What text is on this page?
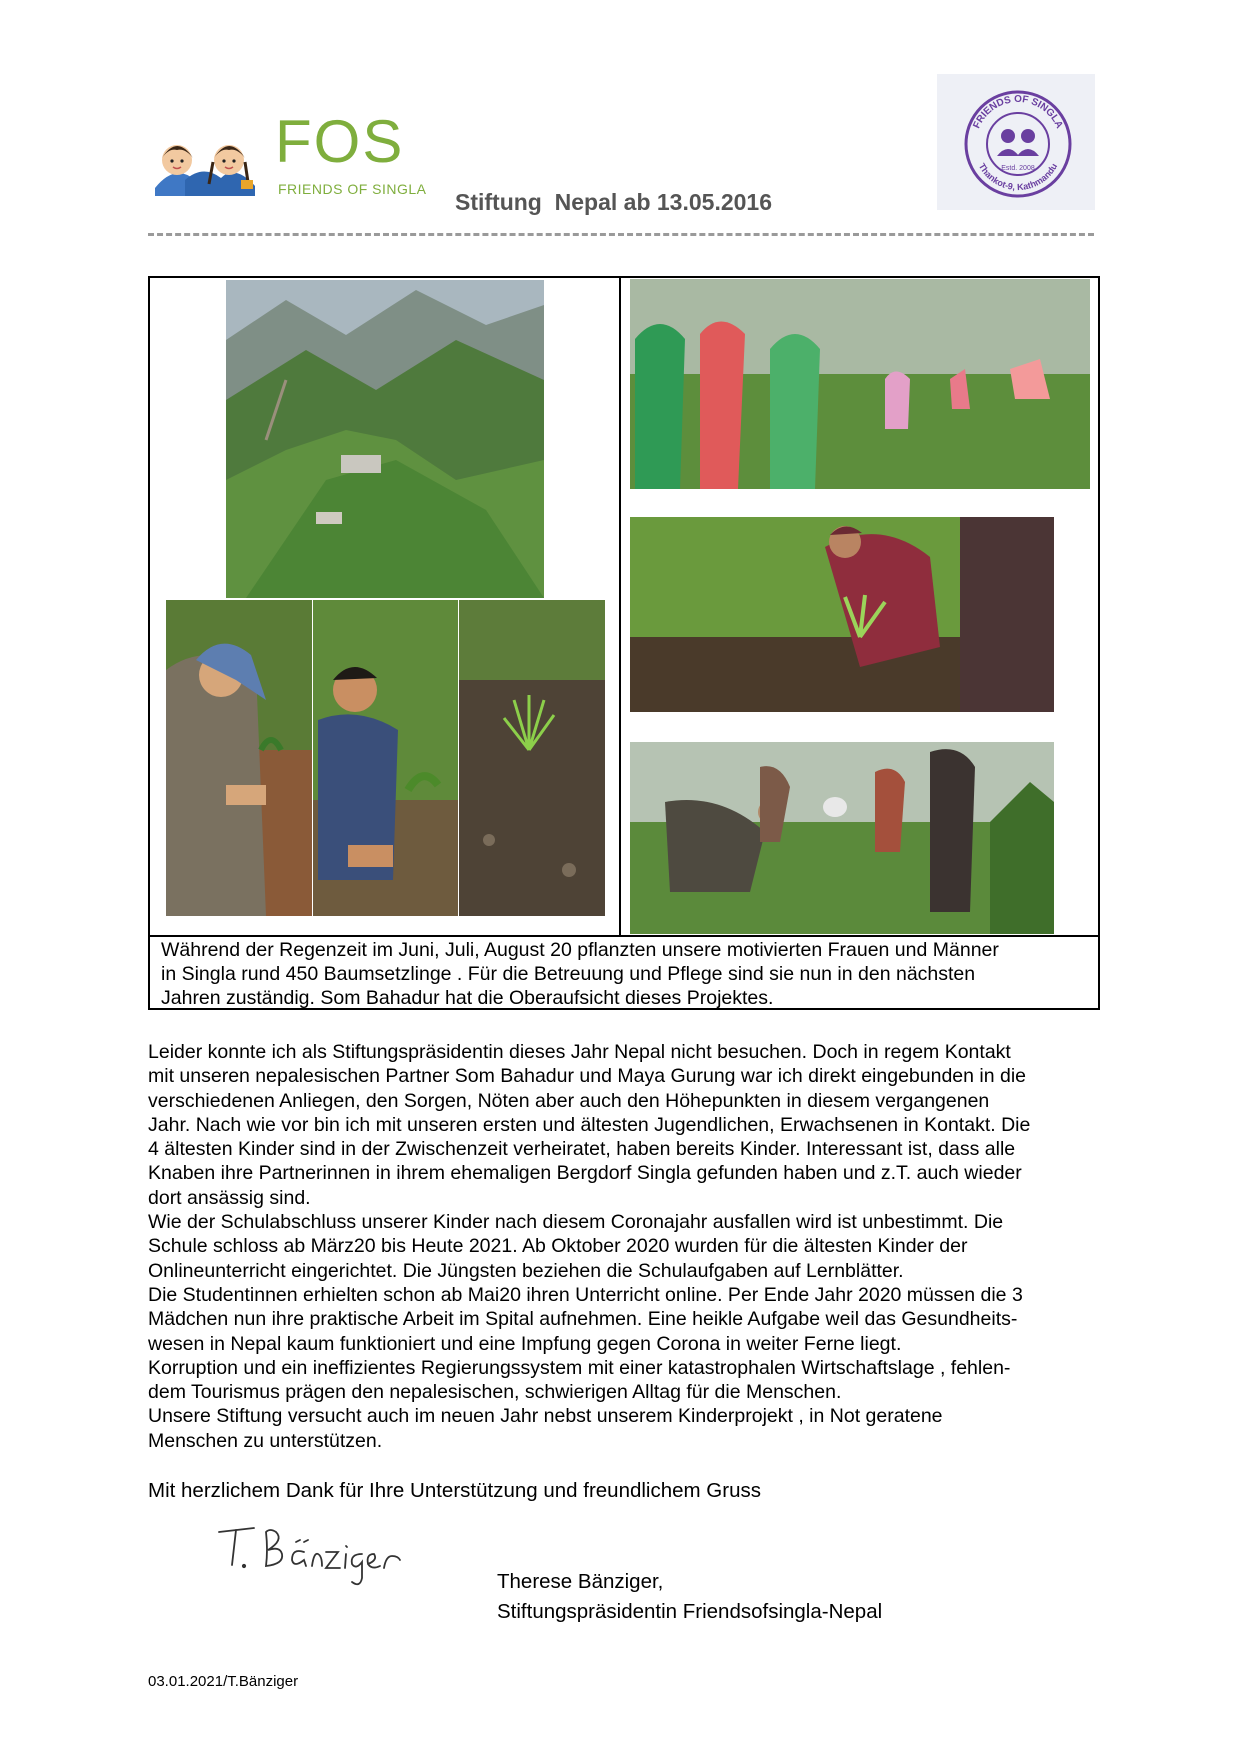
FOS
FRIENDS OF SINGLA Stiftung  Nepal ab 13.05.2016
FRIENDS OF SINGLA
Thankot-9, Kathmandu
Estd. 2008
Während der Regenzeit im Juni, Juli, August 20 pflanzten unsere motivierten Frauen und Männer
in Singla rund 450 Baumsetzlinge . Für die Betreuung und Pflege sind sie nun in den nächsten
Jahren zuständig. Som Bahadur hat die Oberaufsicht dieses Projektes.
Leider konnte ich als Stiftungspräsidentin dieses Jahr Nepal nicht besuchen. Doch in regem Kontakt
mit unseren nepalesischen Partner Som Bahadur und Maya Gurung war ich direkt eingebunden in die
verschiedenen Anliegen, den Sorgen, Nöten aber auch den Höhepunkten in diesem vergangenen
Jahr. Nach wie vor bin ich mit unseren ersten und ältesten Jugendlichen, Erwachsenen in Kontakt. Die
4 ältesten Kinder sind in der Zwischenzeit verheiratet, haben bereits Kinder. Interessant ist, dass alle
Knaben ihre Partnerinnen in ihrem ehemaligen Bergdorf Singla gefunden haben und z.T. auch wieder
dort ansässig sind.
Wie der Schulabschluss unserer Kinder nach diesem Coronajahr ausfallen wird ist unbestimmt. Die
Schule schloss ab März20 bis Heute 2021. Ab Oktober 2020 wurden für die ältesten Kinder der
Onlineunterricht eingerichtet. Die Jüngsten beziehen die Schulaufgaben auf Lernblätter.
Die Studentinnen erhielten schon ab Mai20 ihren Unterricht online. Per Ende Jahr 2020 müssen die 3
Mädchen nun ihre praktische Arbeit im Spital aufnehmen. Eine heikle Aufgabe weil das Gesundheits-
wesen in Nepal kaum funktioniert und eine Impfung gegen Corona in weiter Ferne liegt.
Korruption und ein ineffizientes Regierungssystem mit einer katastrophalen Wirtschaftslage , fehlen-
dem Tourismus prägen den nepalesischen, schwierigen Alltag für die Menschen.
Unsere Stiftung versucht auch im neuen Jahr nebst unserem Kinderprojekt , in Not geratene
Menschen zu unterstützen.
Mit herzlichem Dank für Ihre Unterstützung und freundlichem Gruss
Therese Bänziger,
Stiftungspräsidentin Friendsofsingla-Nepal
03.01.2021/T.Bänziger
